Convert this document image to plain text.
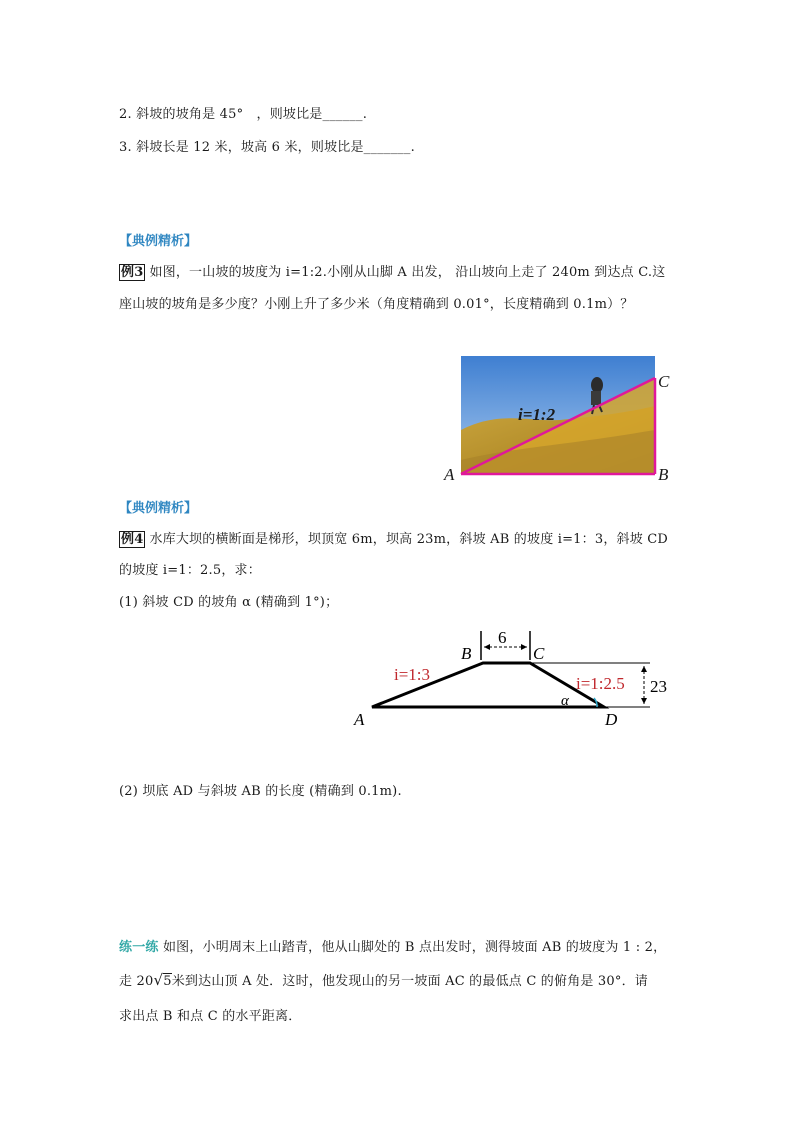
2. 斜坡的坡角是 45°　，则坡比是______.
3. 斜坡长是 12 米，坡高 6 米，则坡比是_______.
【典例精析】
例3 如图，一山坡的坡度为 i=1:2.小刚从山脚 A 出发， 沿山坡向上走了 240m 到达点 C.这
座山坡的坡角是多少度？小刚上升了多少米（角度精确到 0.01°，长度精确到 0.1m）？
i=1:2
A	B
C
【典例精析】
例4 水库大坝的横断面是梯形，坝顶宽 6m，坝高 23m，斜坡 AB 的坡度 i=1：3，斜坡 CD
的坡度 i=1：2.5，求：
(1) 斜坡 CD 的坡角 α (精确到 1°)；
6
23
i=1:3	i=1:2.5
α
A
B	C
D
(2) 坝底 AD 与斜坡 AB 的长度 (精确到 0.1m).
练一练 如图，小明周末上山踏青，他从山脚处的 B 点出发时，测得坡面 AB 的坡度为 1 : 2，
走 20√5米到达山顶 A 处．这时，他发现山的另一坡面 AC 的最低点 C 的俯角是 30°．请
求出点 B 和点 C 的水平距离．
